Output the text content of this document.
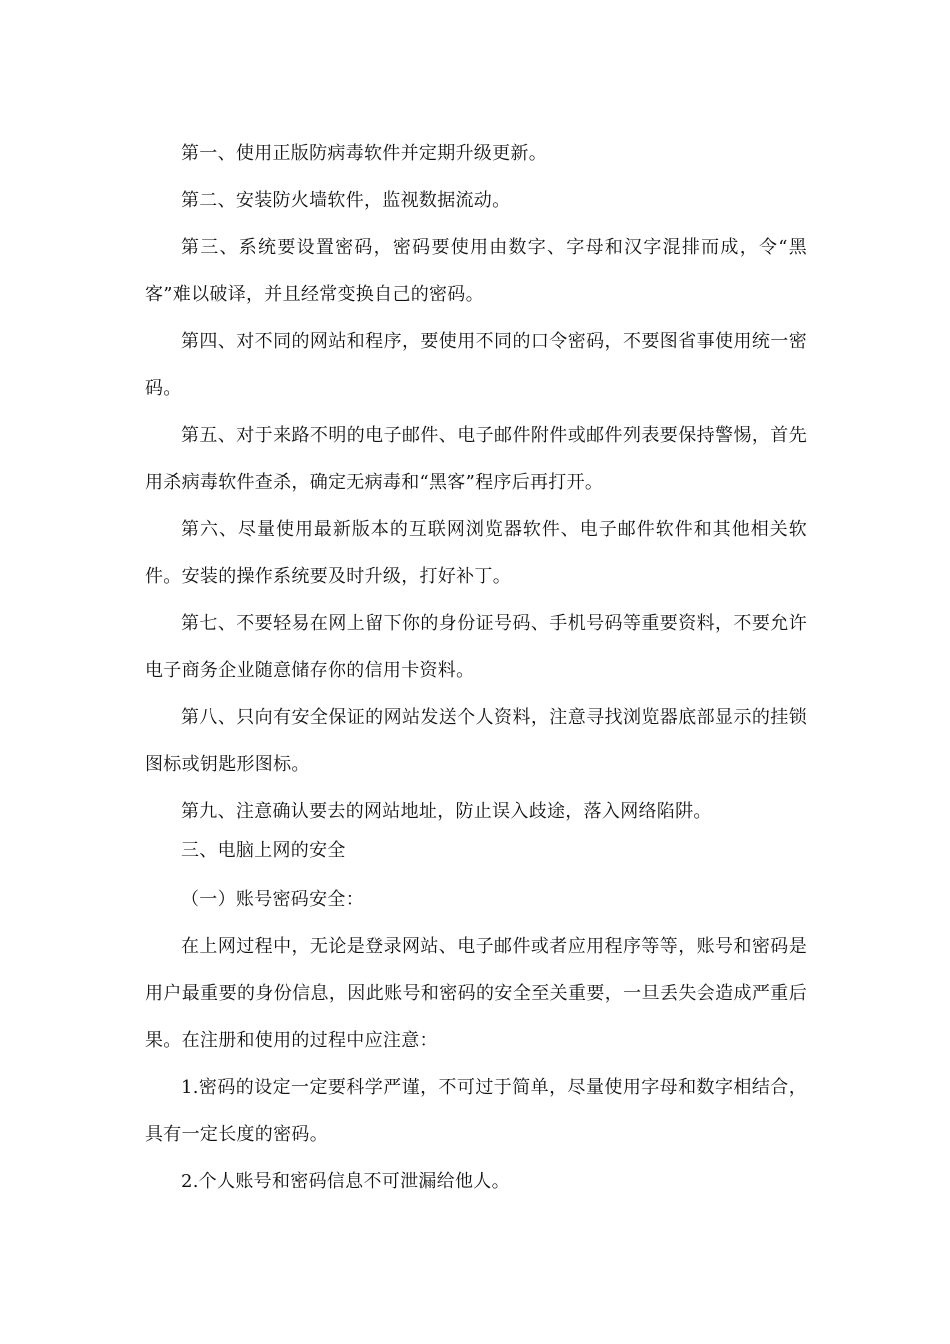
第一、使用正版防病毒软件并定期升级更新。

第二、安装防火墙软件，监视数据流动。

第三、系统要设置密码，密码要使用由数字、字母和汉字混排而成，令“黑客”难以破译，并且经常变换自己的密码。

第四、对不同的网站和程序，要使用不同的口令密码，不要图省事使用统一密码。

第五、对于来路不明的电子邮件、电子邮件附件或邮件列表要保持警惕，首先用杀病毒软件查杀，确定无病毒和“黑客”程序后再打开。

第六、尽量使用最新版本的互联网浏览器软件、电子邮件软件和其他相关软件。安装的操作系统要及时升级，打好补丁。

第七、不要轻易在网上留下你的身份证号码、手机号码等重要资料，不要允许电子商务企业随意储存你的信用卡资料。

第八、只向有安全保证的网站发送个人资料，注意寻找浏览器底部显示的挂锁图标或钥匙形图标。

第九、注意确认要去的网站地址，防止误入歧途，落入网络陷阱。

三、电脑上网的安全

（一）账号密码安全：

在上网过程中，无论是登录网站、电子邮件或者应用程序等等，账号和密码是用户最重要的身份信息，因此账号和密码的安全至关重要，一旦丢失会造成严重后果。在注册和使用的过程中应注意：

1.密码的设定一定要科学严谨，不可过于简单，尽量使用字母和数字相结合，具有一定长度的密码。

2.个人账号和密码信息不可泄漏给他人。
